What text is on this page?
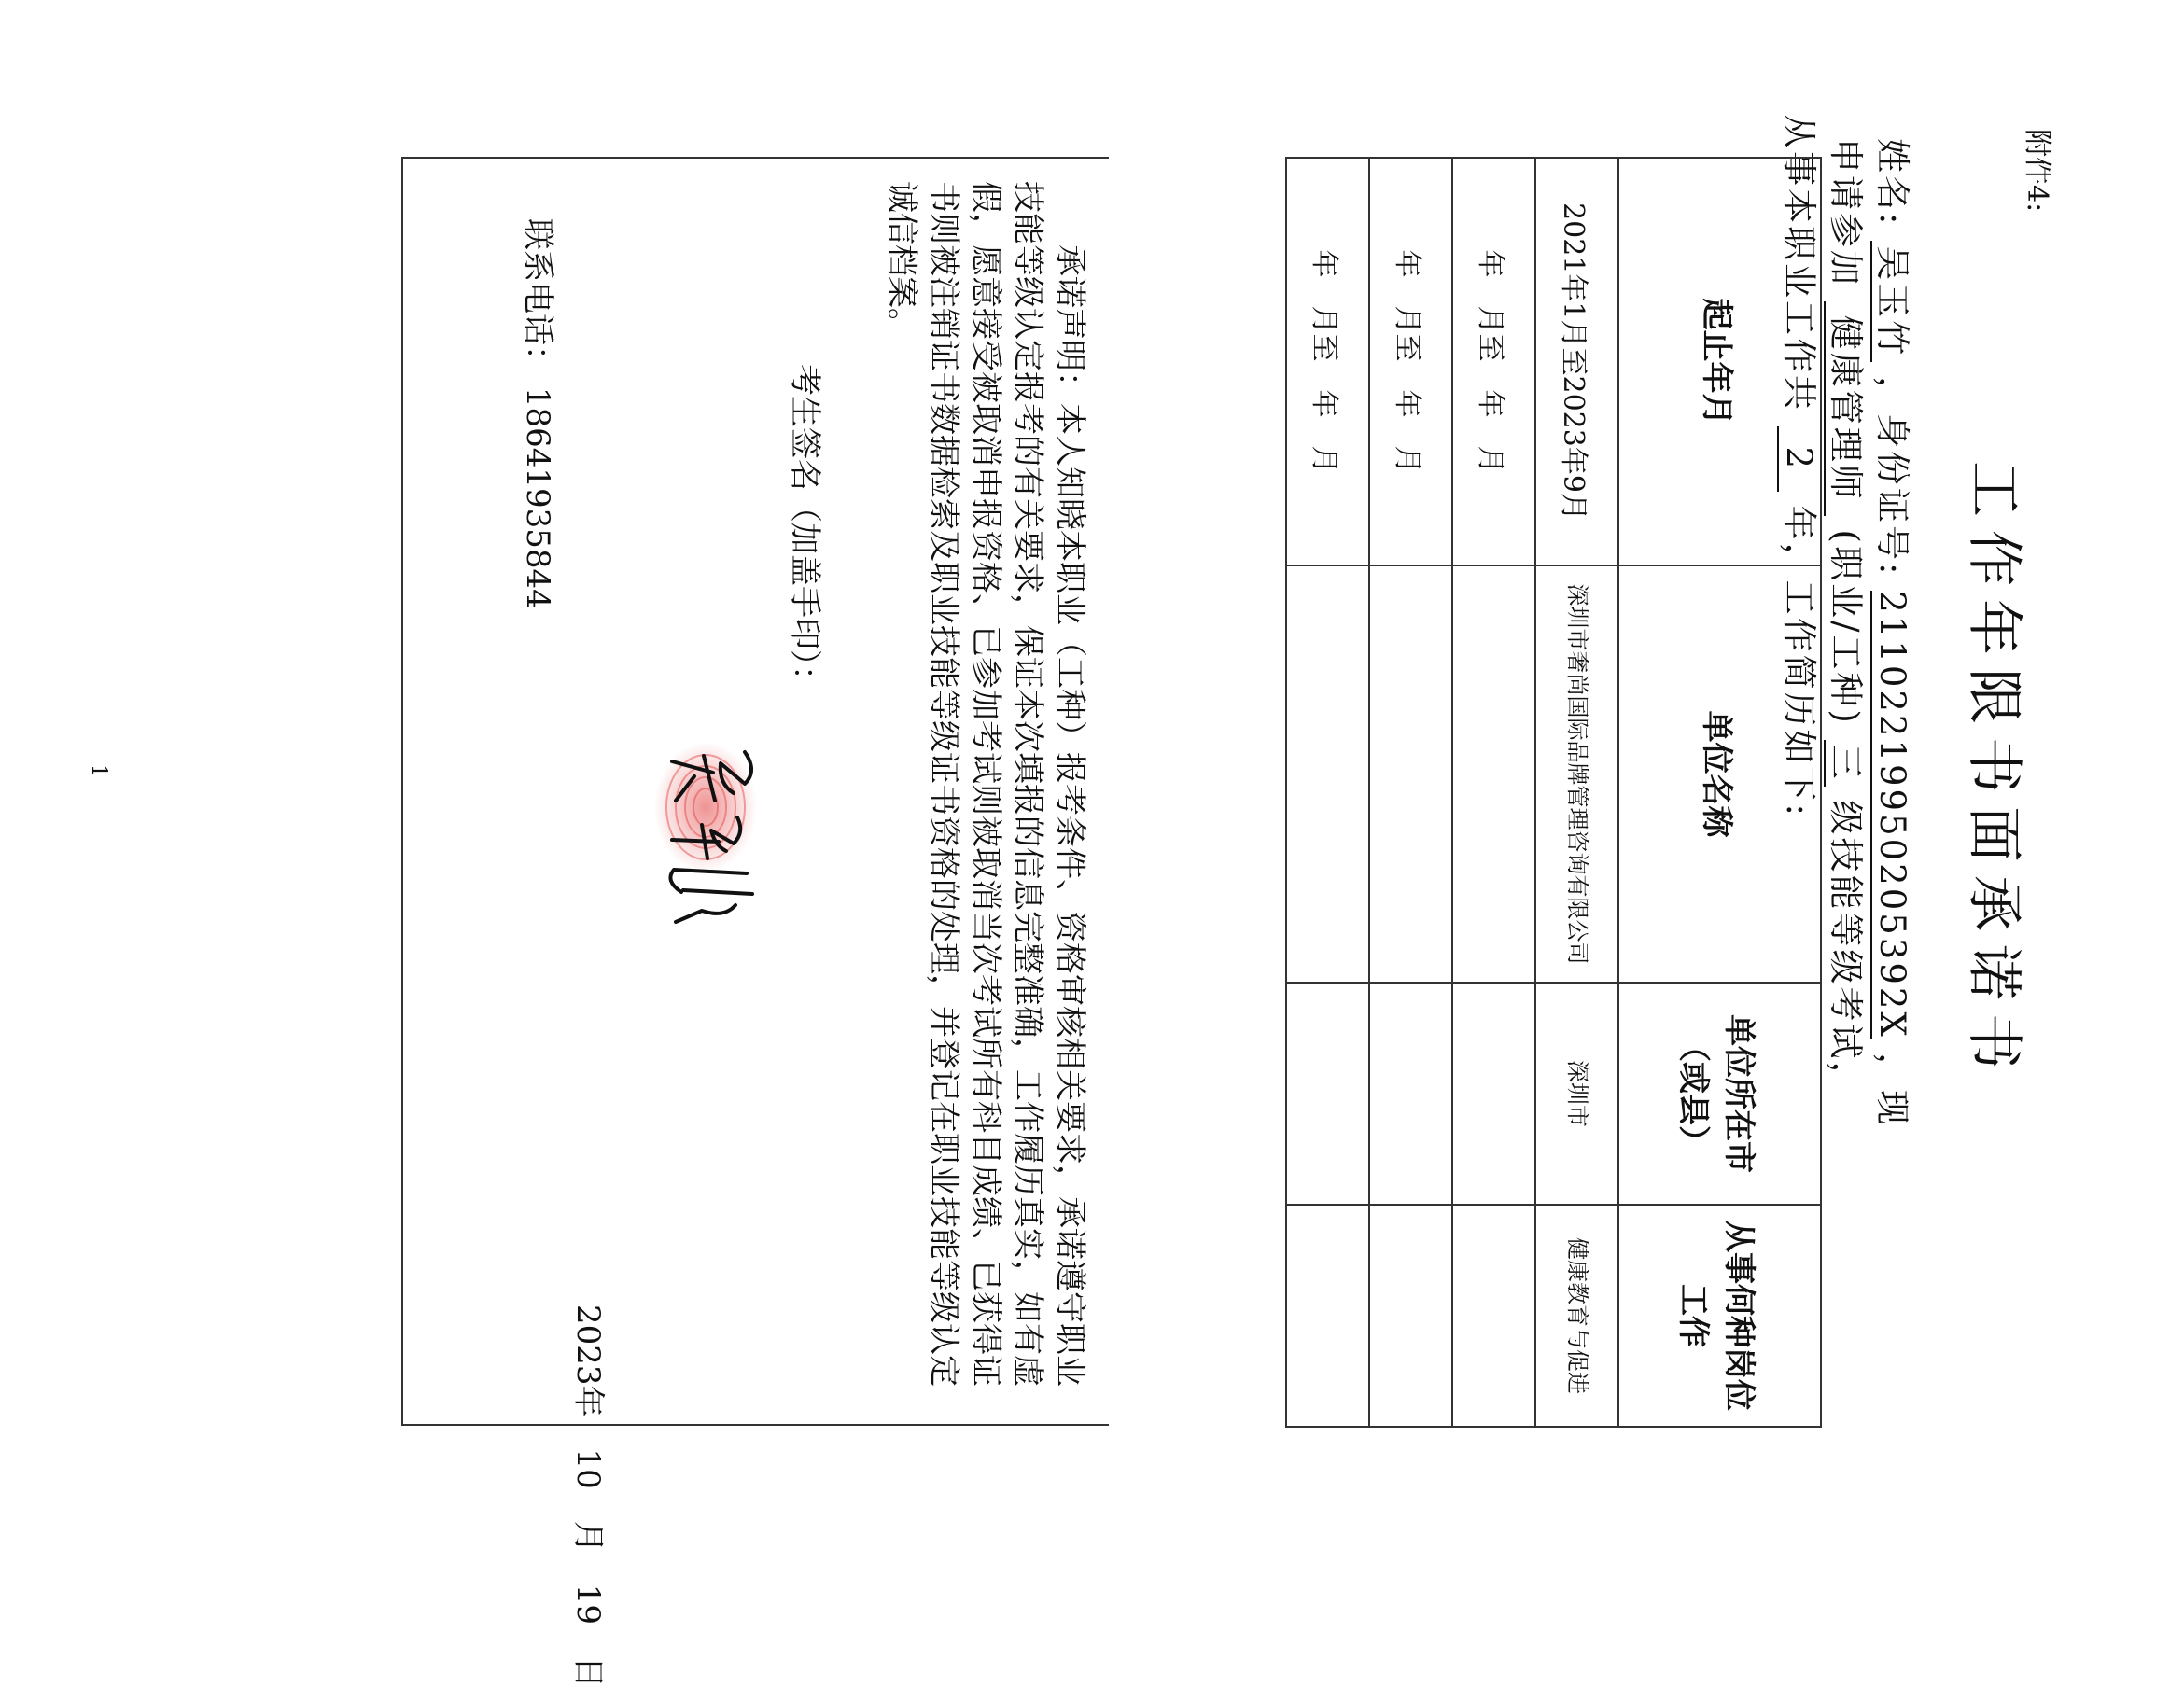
附件4:
工作年限书面承诺书
姓名: 吴玉竹 ，身份证号: 21102219950205392X ，现
申请参加 健康管理师 (职业/工种) 三 级技能等级考试，
从事本职业工作共 2 年，工作简历如下:
起止年月	单位名称	单位所在市（或县）	从事何种岗位工作
2021年1月至2023年9月	深圳市奢尚国际品牌管理咨询有限公司	深圳市	健康教育与促进
年　月至　年　月			
年　月至　年　月			
年　月至　年　月			
承诺声明：本人知晓本职业（工种）报考条件、资格审核相关要求，承诺遵守职业技能等级认定报考的有关要求，保证本次填报的信息完整准确，工作履历真实，如有虚假，愿意接受被取消申报资格、已参加考试则被取消当次考试所有科目成绩、已获得证书则被注销证书数据检索及职业技能等级证书资格的处理，并登记在职业技能等级认定诚信档案。
考生签名（加盖手印）：
2023年　10　月　19　日
联系电话： 18641935844
1
